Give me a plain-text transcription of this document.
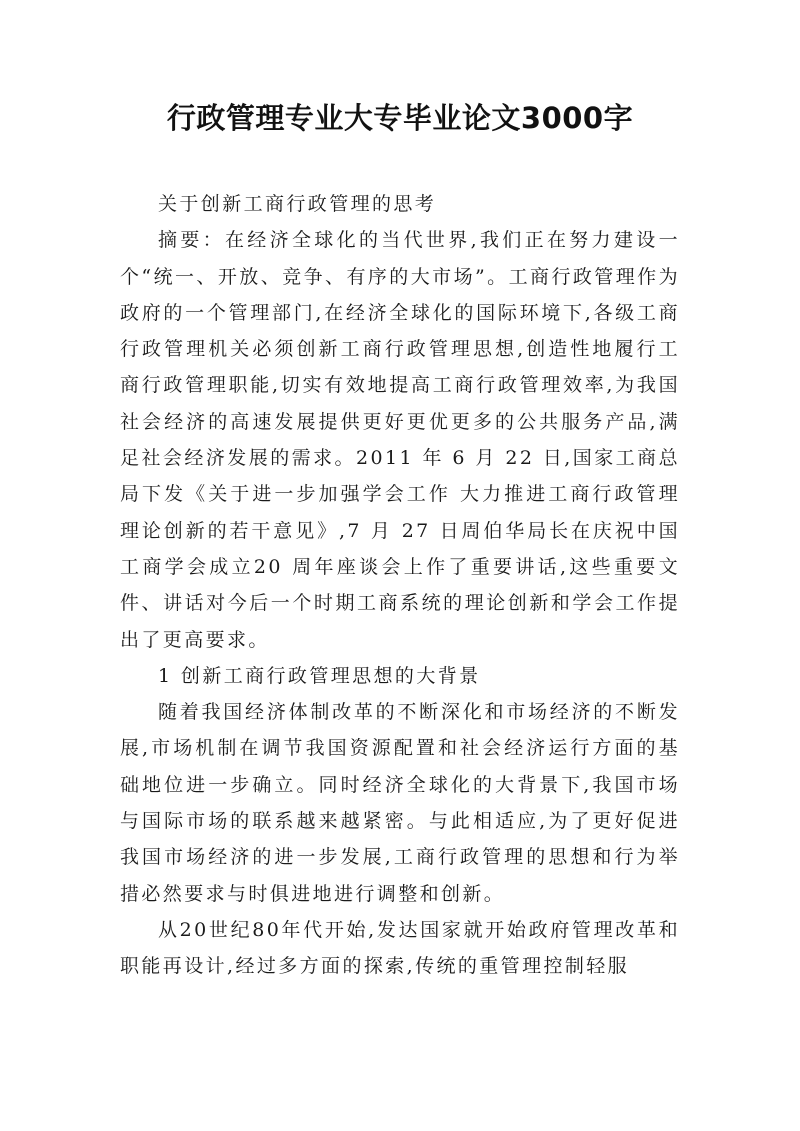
行政管理专业大专毕业论文3000字

关于创新工商行政管理的思考

摘要：在经济全球化的当代世界,我们正在努力建设一个“统一、开放、竞争、有序的大市场”。工商行政管理作为政府的一个管理部门,在经济全球化的国际环境下,各级工商行政管理机关必须创新工商行政管理思想,创造性地履行工商行政管理职能,切实有效地提高工商行政管理效率,为我国社会经济的高速发展提供更好更优更多的公共服务产品,满足社会经济发展的需求。2011 年 6 月 22 日,国家工商总局下发《关于进一步加强学会工作 大力推进工商行政管理理论创新的若干意见》,7 月 27 日周伯华局长在庆祝中国工商学会成立20 周年座谈会上作了重要讲话,这些重要文件、讲话对今后一个时期工商系统的理论创新和学会工作提出了更高要求。

1 创新工商行政管理思想的大背景

随着我国经济体制改革的不断深化和市场经济的不断发展,市场机制在调节我国资源配置和社会经济运行方面的基础地位进一步确立。同时经济全球化的大背景下,我国市场与国际市场的联系越来越紧密。与此相适应,为了更好促进我国市场经济的进一步发展,工商行政管理的思想和行为举措必然要求与时俱进地进行调整和创新。

从20世纪80年代开始,发达国家就开始政府管理改革和职能再设计,经过多方面的探索,传统的重管理控制轻服
